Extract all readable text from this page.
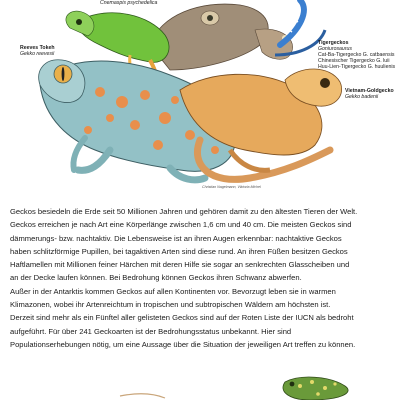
Cnemaspis psychedelica
Reeves Tokeh
Gekko reevesii
Tigergeckos
Goniurosaurus
Cat-Ba-Tigergecko G. catbaensis
Chinesischer Tigergecko G. luii
Huu-Lien-Tigergecko G. huulienis
Vietnam-Goldgecko
Gekko badenii
Christian Nagelmann, Viktoria Michel

Geckos besiedeln die Erde seit 50 Millionen Jahren und gehören damit zu den ältesten Tieren der Welt.

Geckos erreichen je nach Art eine Körperlänge zwischen 1,6 cm und 40 cm. Die meisten Geckos sind

dämmerungs- bzw. nachtaktiv. Die Lebensweise ist an ihren Augen erkennbar: nachtaktive Geckos

haben schlitzförmige Pupillen, bei tagaktiven Arten sind diese rund. An ihren Füßen besitzen Geckos

Haftlamellen mit Millionen feiner Härchen mit deren Hilfe sie sogar an senkrechten Glasscheiben und

an der Decke laufen können. Bei Bedrohung können Geckos ihren Schwanz abwerfen.

Außer in der Antarktis kommen Geckos auf allen Kontinenten vor. Bevorzugt leben sie in warmen

Klimazonen, wobei ihr Artenreichtum in tropischen und subtropischen Wäldern am höchsten ist.

Derzeit sind mehr als ein Fünftel aller gelisteten Geckos sind auf der Roten Liste der IUCN als bedroht

aufgeführt. Für über 241 Geckoarten ist der Bedrohungsstatus unbekannt. Hier sind

Populationserhebungen nötig, um eine Aussage über die Situation der jeweiligen Art treffen zu können.
